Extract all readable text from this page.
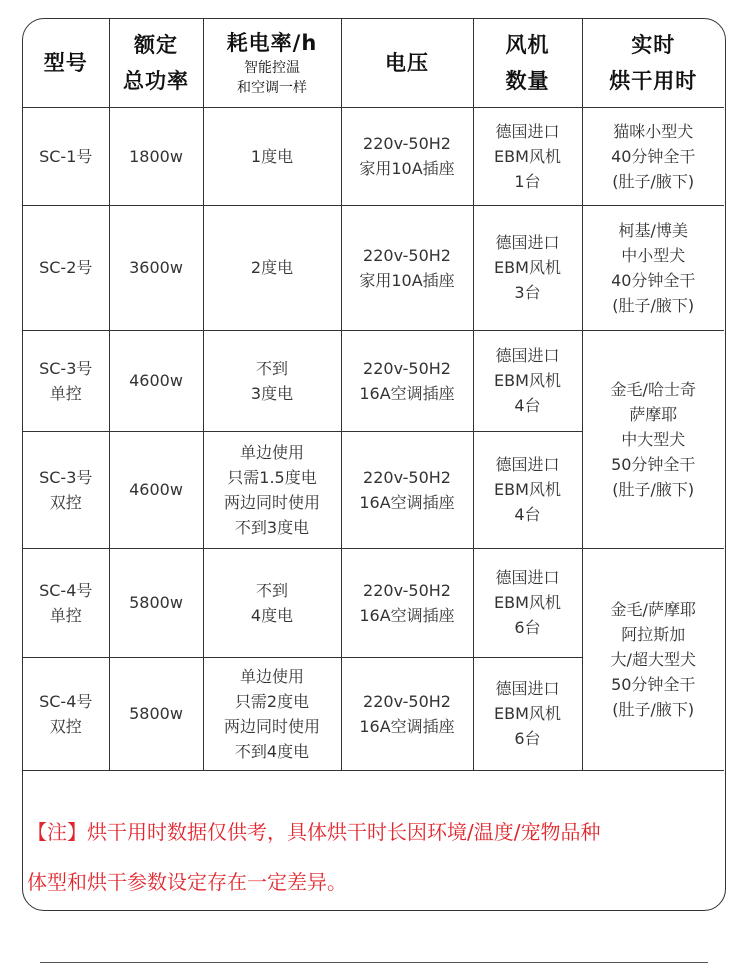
型号	额定
总功率	耗电率/h
智能控温
和空调一样	电压	风机
数量	实时
烘干用时

SC-1号	1800w	1度电	220v-50H2
家用10A插座	德国进口
EBM风机
1台	猫咪小型犬
40分钟全干
(肚子/腋下)

SC-2号	3600w	2度电	220v-50H2
家用10A插座	德国进口
EBM风机
3台	柯基/博美
中小型犬
40分钟全干
(肚子/腋下)

SC-3号
单控	4600w	不到
3度电	220v-50H2
16A空调插座	德国进口
EBM风机
4台	金毛/哈士奇
萨摩耶
中大型犬
50分钟全干
(肚子/腋下)

SC-3号
双控	4600w	单边使用
只需1.5度电
两边同时使用
不到3度电	220v-50H2
16A空调插座	德国进口
EBM风机
4台	

SC-4号
单控	5800w	不到
4度电	220v-50H2
16A空调插座	德国进口
EBM风机
6台	金毛/萨摩耶
阿拉斯加
大/超大型犬
50分钟全干
(肚子/腋下)

SC-4号
双控	5800w	单边使用
只需2度电
两边同时使用
不到4度电	220v-50H2
16A空调插座	德国进口
EBM风机
6台	
【注】烘干用时数据仅供考，具体烘干时长因环境/温度/宠物品种
体型和烘干参数设定存在一定差异。
